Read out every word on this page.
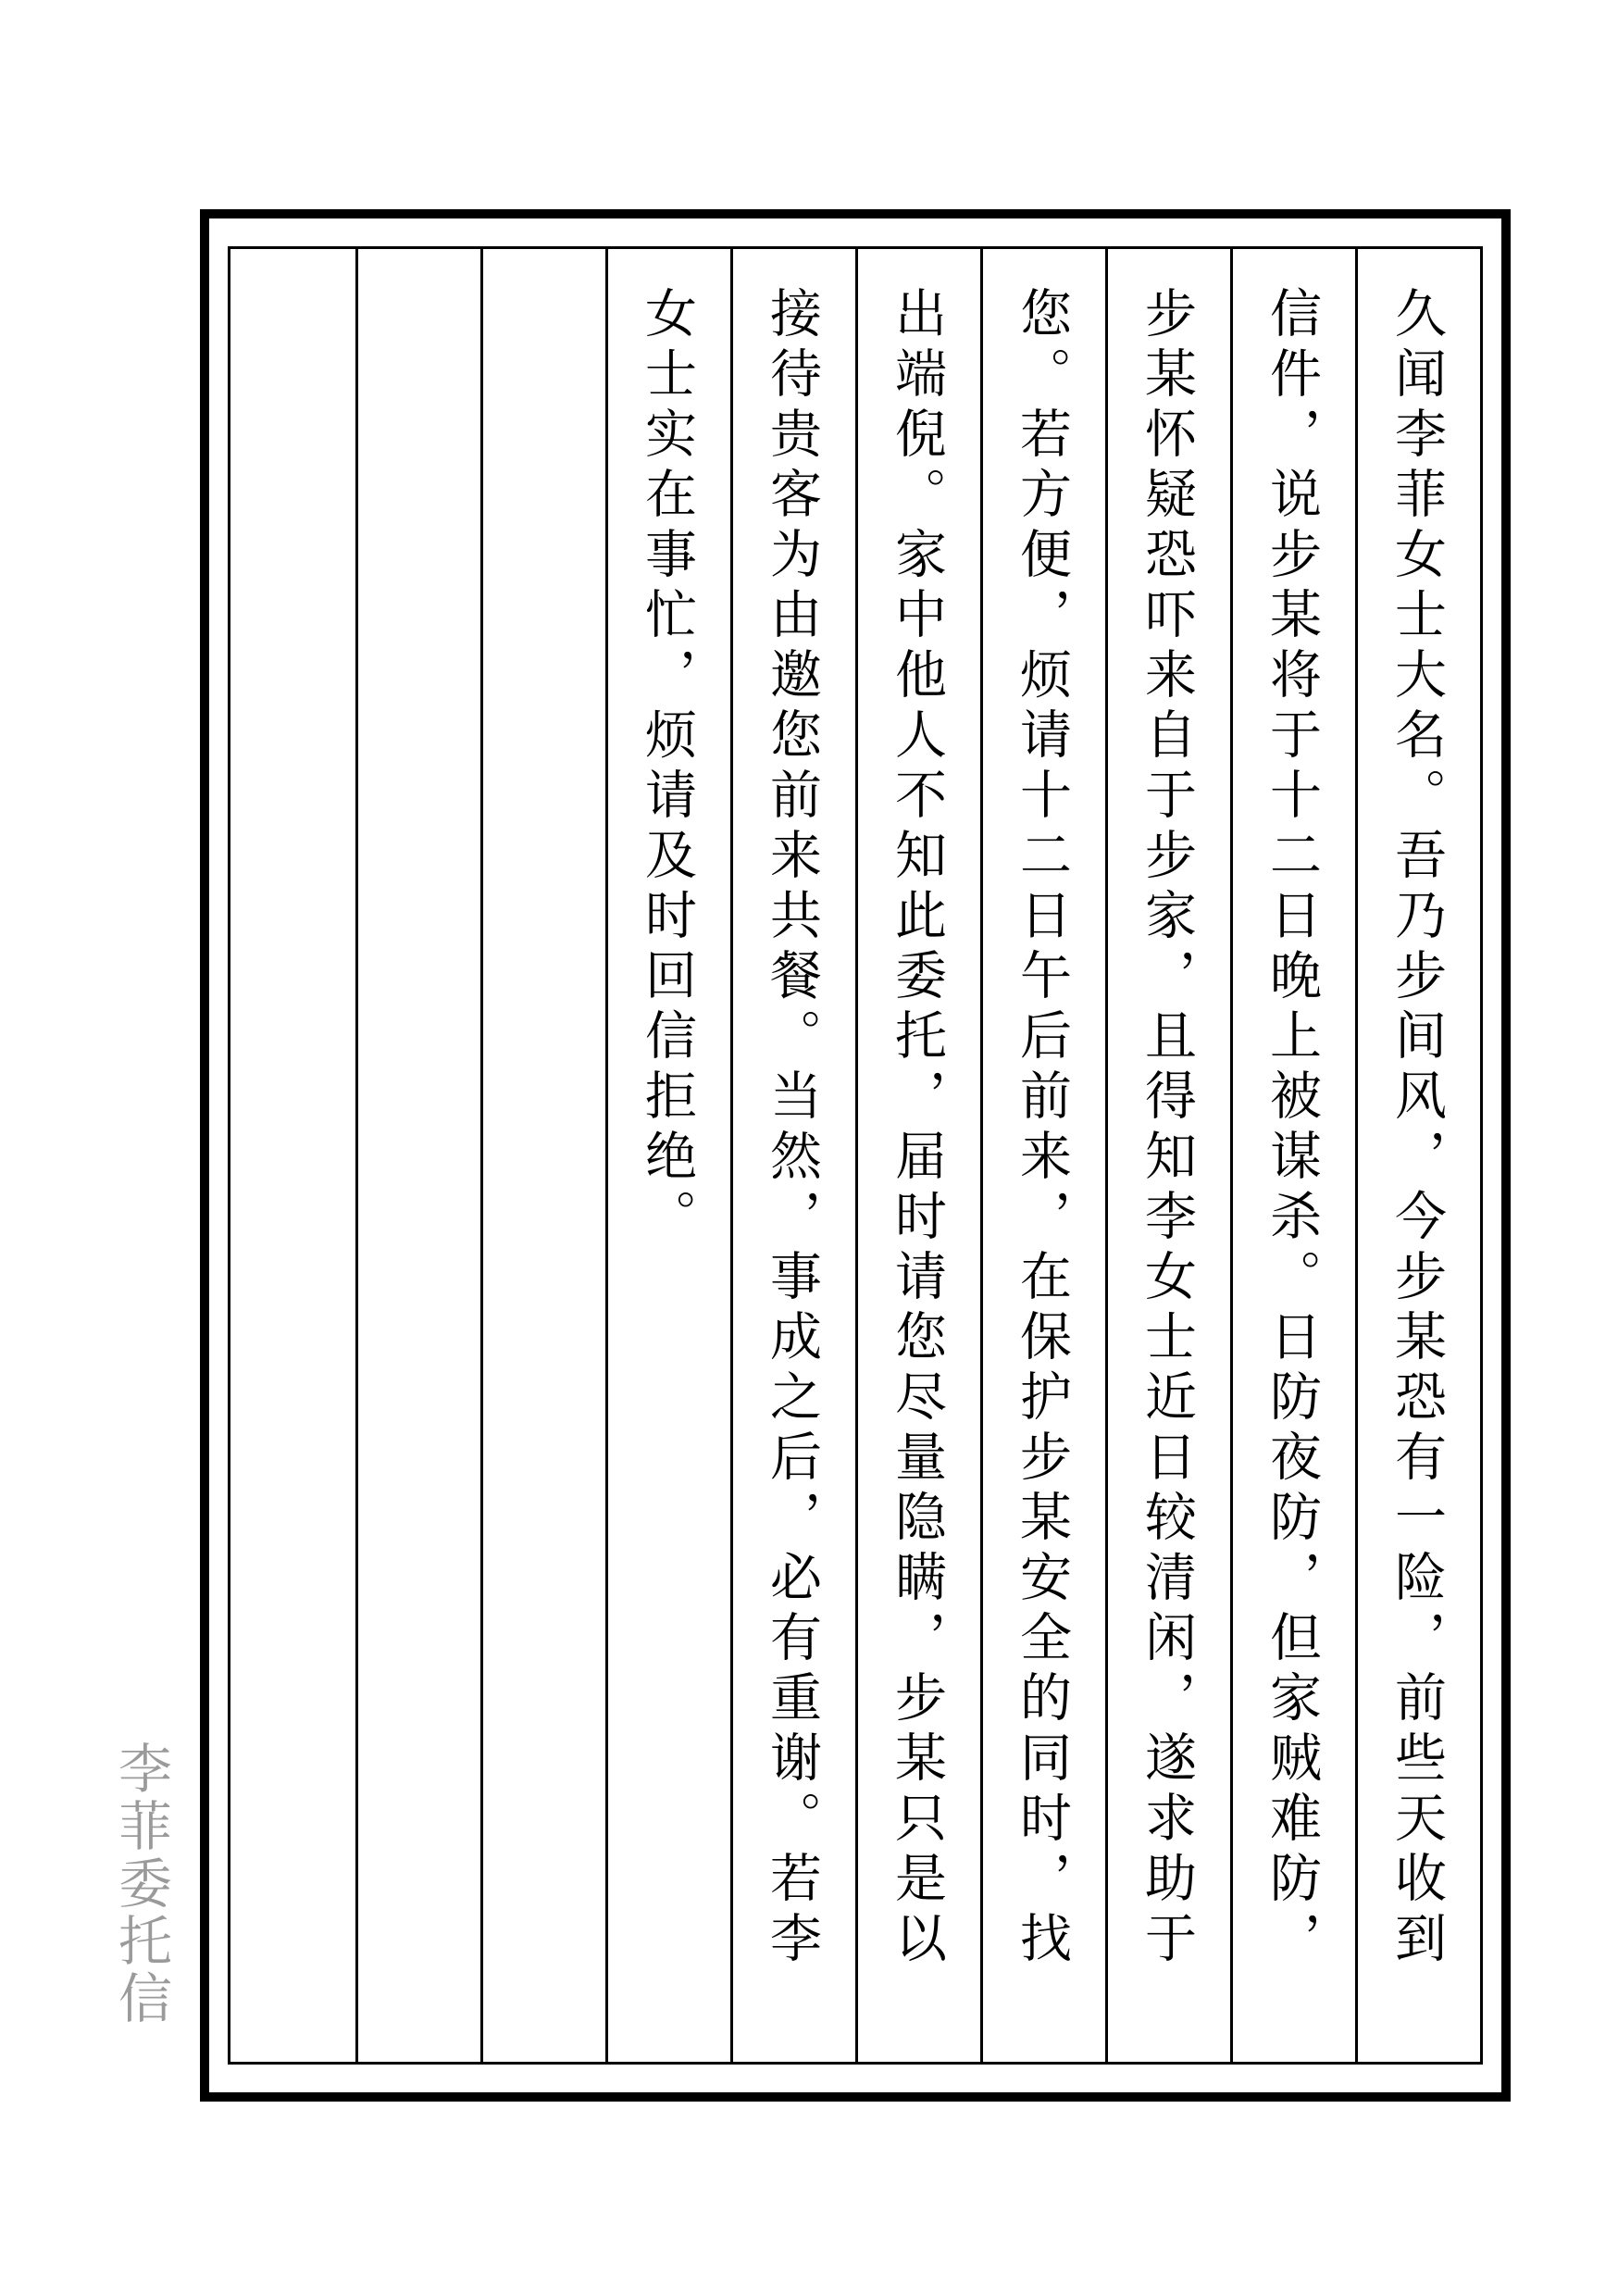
久闻李菲女士大名。吾乃步间风，今步某恐有一险，前些天收到
信件，说步某将于十二日晚上被谋杀。日防夜防，但家贼难防，
步某怀疑恐吓来自于步家，且得知李女士近日较清闲，遂求助于
您。若方便，烦请十二日午后前来，在保护步某安全的同时，找
出端倪。家中他人不知此委托，届时请您尽量隐瞒，步某只是以
接待贵客为由邀您前来共餐。当然，事成之后，必有重谢。若李
女士实在事忙，烦请及时回信拒绝。
李菲委托信
